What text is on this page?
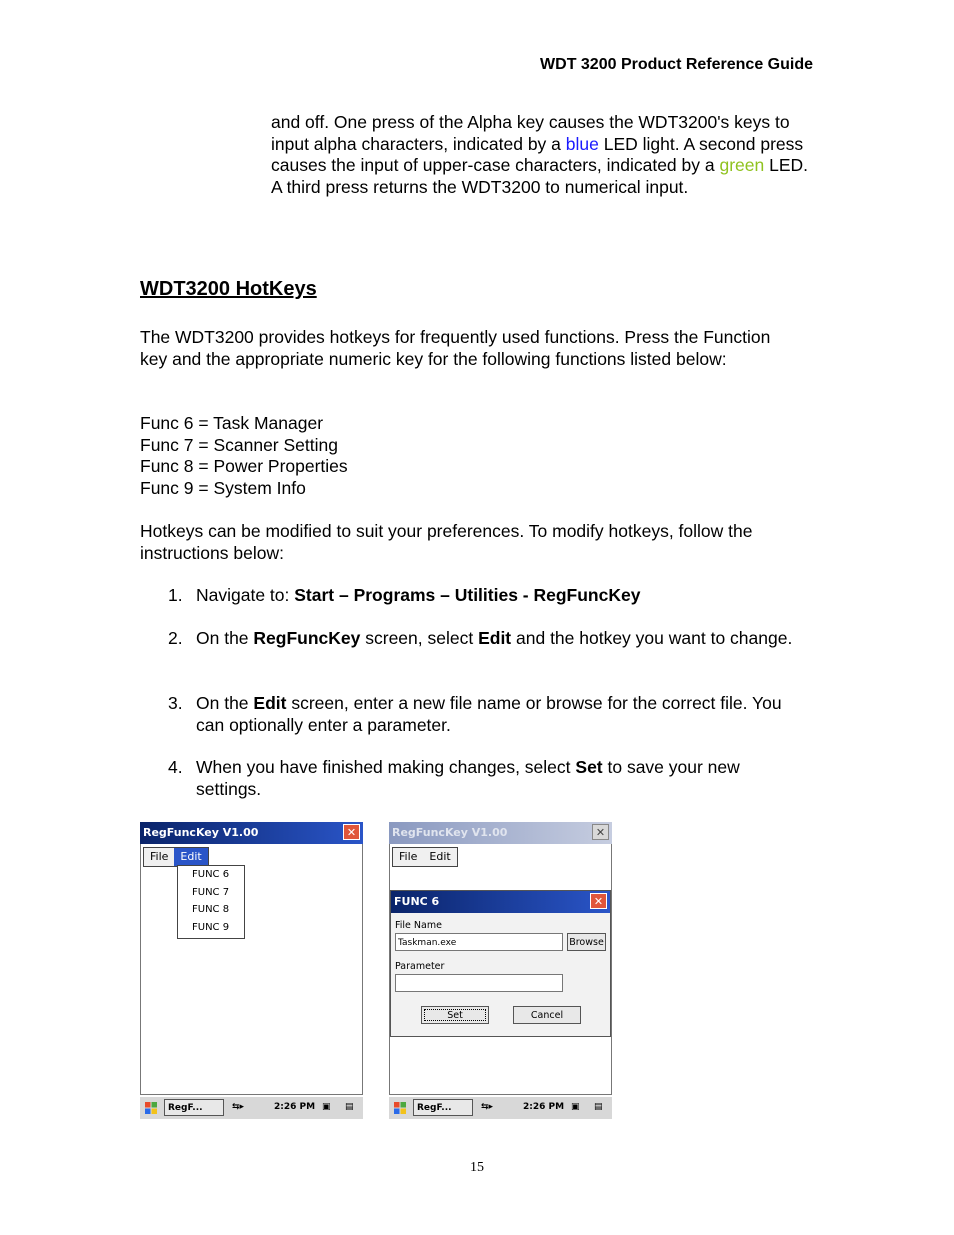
WDT 3200 Product Reference Guide

and off. One press of the Alpha key causes the WDT3200's keys to input alpha characters, indicated by a blue LED light. A second press causes the input of upper-case characters, indicated by a green LED. A third press returns the WDT3200 to numerical input.

WDT3200 HotKeys

The WDT3200 provides hotkeys for frequently used functions. Press the Function key and the appropriate numeric key for the following functions listed below:

Func 6 = Task Manager
Func 7 = Scanner Setting
Func 8 = Power Properties
Func 9 = System Info

Hotkeys can be modified to suit your preferences. To modify hotkeys, follow the instructions below:

1. Navigate to: Start – Programs – Utilities - RegFuncKey
2. On the RegFuncKey screen, select Edit and the hotkey you want to change.
3. On the Edit screen, enter a new file name or browse for the correct file. You can optionally enter a parameter.
4. When you have finished making changes, select Set to save your new settings.
RegFuncKey V1.00	✕
File	Edit
FUNC 6
FUNC 7
FUNC 8
FUNC 9
RegF...	⇆▸	2:26 PM ▣ ▤
RegFuncKey V1.00	✕
File	Edit
FUNC 6	✕
File Name
Taskman.exe	Browse
Parameter
Set	Cancel
RegF...	⇆▸	2:26 PM ▣ ▤
15
